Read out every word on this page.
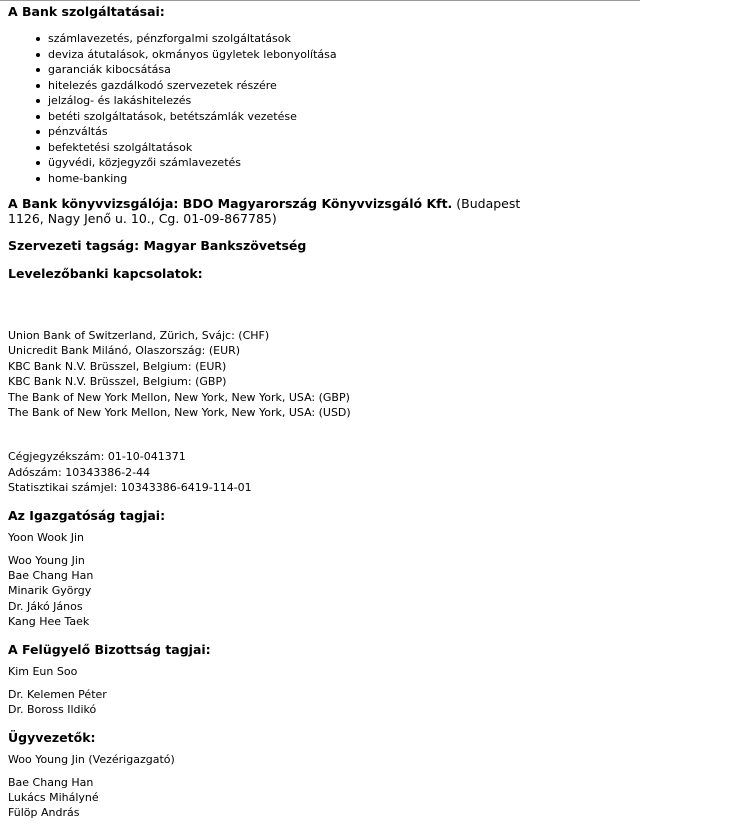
A Bank szolgáltatásai:
számlavezetés, pénzforgalmi szolgáltatások
deviza átutalások, okmányos ügyletek lebonyolítása
garanciák kibocsátása
hitelezés gazdálkodó szervezetek részére
jelzálog- és lakáshitelezés
betéti szolgáltatások, betétszámlák vezetése
pénzváltás
befektetési szolgáltatások
ügyvédi, közjegyzői számlavezetés
home-banking
A Bank könyvvizsgálója: BDO Magyarország Könyvvizsgáló Kft. (Budapest 1126, Nagy Jenő u. 10., Cg. 01-09-867785)
Szervezeti tagság: Magyar Bankszövetség
Levelezőbanki kapcsolatok:
Union Bank of Switzerland, Zürich, Svájc: (CHF)
Unicredit Bank Milánó, Olaszország: (EUR)
KBC Bank N.V. Brüsszel, Belgium: (EUR)
KBC Bank N.V. Brüsszel, Belgium: (GBP)
The Bank of New York Mellon, New York, New York, USA: (GBP)
The Bank of New York Mellon, New York, New York, USA: (USD)
Cégjegyzékszám: 01-10-041371
Adószám: 10343386-2-44
Statisztikai számjel: 10343386-6419-114-01
Az Igazgatóság tagjai:
Yoon Wook Jin
Woo Young Jin
Bae Chang Han
Minarik György
Dr. Jákó János
Kang Hee Taek
A Felügyelő Bizottság tagjai:
Kim Eun Soo
Dr. Kelemen Péter
Dr. Boross Ildikó
Ügyvezetők:
Woo Young Jin (Vezérigazgató)
Bae Chang Han
Lukács Mihályné
Fülöp András
